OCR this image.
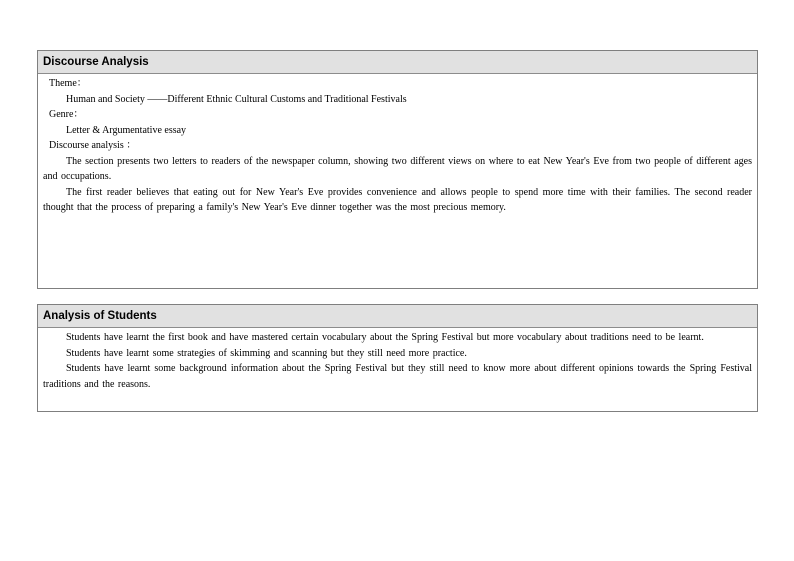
Discourse Analysis
Theme：
Human and Society ——Different Ethnic Cultural Customs and Traditional Festivals
Genre：
Letter & Argumentative essay
Discourse analysis ：
The section presents two letters to readers of the newspaper column, showing two different views on where to eat New Year's Eve from two people of different ages and occupations.
The first reader believes that eating out for New Year's Eve provides convenience and allows people to spend more time with their families. The second reader thought that the process of preparing a family's New Year's Eve dinner together was the most precious memory.
Analysis of Students
Students have learnt the first book and have mastered certain vocabulary about the Spring Festival but more vocabulary about traditions need to be learnt.
Students have learnt some strategies of skimming and scanning but they still need more practice.
Students have learnt some background information about the Spring Festival but they still need to know more about different opinions towards the Spring Festival traditions and the reasons.
